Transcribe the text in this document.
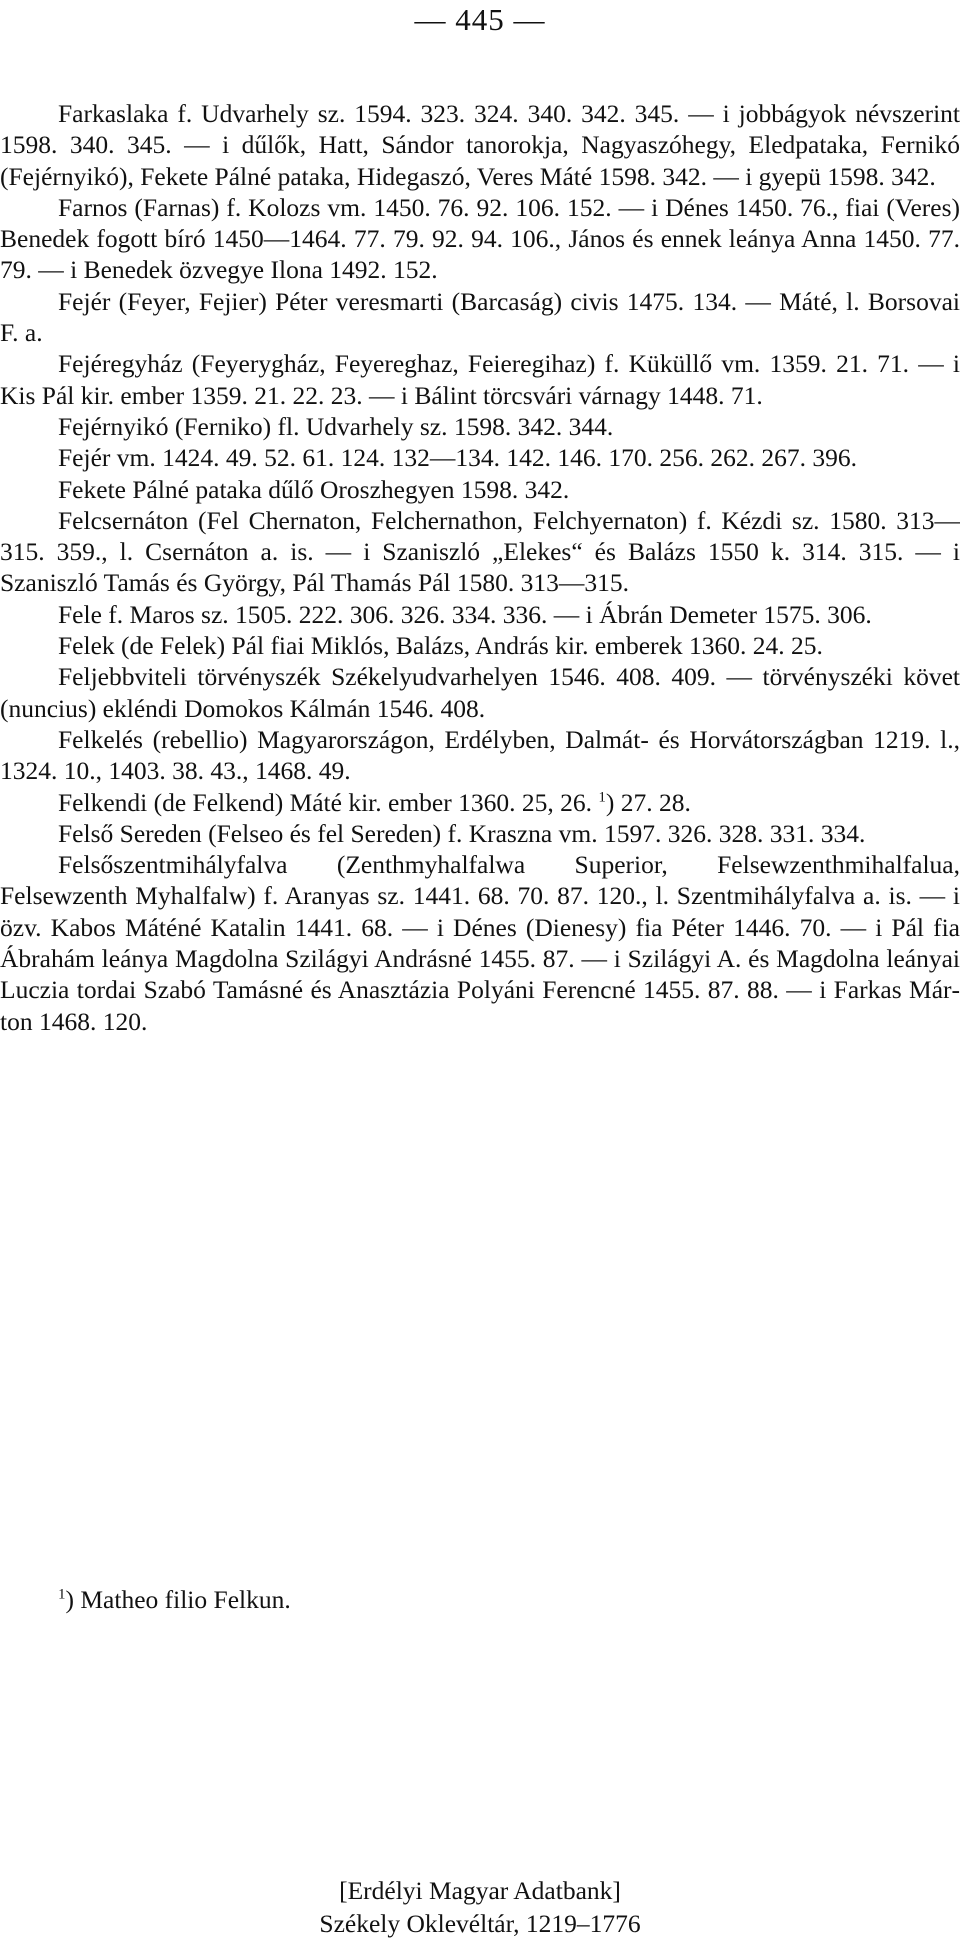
— 445 —

Farkaslaka f. Udvarhely sz. 1594. 323. 324. 340. 342. 345. — i jobbágyok névszerint 1598. 340. 345. — i dűlők, Hatt, Sándor tanorokja, Nagyaszóhegy, Eledpataka, Fernikó (Fejérnyikó), Fekete Pálné pataka, Hidegaszó, Veres Máté 1598. 342. — i gyepü 1598. 342.

Farnos (Farnas) f. Kolozs vm. 1450. 76. 92. 106. 152. — i Dénes 1450. 76., fiai (Veres) Benedek fogott bíró 1450—1464. 77. 79. 92. 94. 106., János és ennek leánya Anna 1450. 77. 79. — i Benedek özvegye Ilona 1492. 152.

Fejér (Feyer, Fejier) Péter veresmarti (Barcaság) civis 1475. 134. — Máté, l. Borsovai F. a.

Fejéregyház (Feyerygház, Feyereghaz, Feieregihaz) f. Küküllő vm. 1359. 21. 71. — i Kis Pál kir. ember 1359. 21. 22. 23. — i Bálint törcsvári várnagy 1448. 71.

Fejérnyikó (Ferniko) fl. Udvarhely sz. 1598. 342. 344.

Fejér vm. 1424. 49. 52. 61. 124. 132—134. 142. 146. 170. 256. 262. 267. 396.

Fekete Pálné pataka dűlő Oroszhegyen 1598. 342.

Felcsernáton (Fel Chernaton, Felchernathon, Felchyernaton) f. Kézdi sz. 1580. 313—315. 359., l. Csernáton a. is. — i Szaniszló „Elekes“ és Balázs 1550 k. 314. 315. — i Szaniszló Tamás és György, Pál Thamás Pál 1580. 313—315.

Fele f. Maros sz. 1505. 222. 306. 326. 334. 336. — i Ábrán Demeter 1575. 306.

Felek (de Felek) Pál fiai Miklós, Balázs, András kir. emberek 1360. 24. 25.

Feljebbviteli törvényszék Székelyudvarhelyen 1546. 408. 409. — törvényszéki követ (nuncius) ekléndi Domokos Kálmán 1546. 408.

Felkelés (rebellio) Magyarországon, Erdélyben, Dalmát- és Horvátországban 1219. l., 1324. 10., 1403. 38. 43., 1468. 49.

Felkendi (de Felkend) Máté kir. ember 1360. 25, 26. $^1$) 27. 28.

Felső Sereden (Felseo és fel Sereden) f. Kraszna vm. 1597. 326. 328. 331. 334.

Felsőszentmihályfalva (Zenthmyhalfalwa Superior, Felsewzenthmihalfalua, Felsewzenth Myhalfalw) f. Aranyas sz. 1441. 68. 70. 87. 120., l. Szentmihályfalva a. is. — i özv. Kabos Máténé Katalin 1441. 68. — i Dénes (Dienesy) fia Péter 1446. 70. — i Pál fia Ábrahám leánya Magdolna Szilágyi Andrásné 1455. 87. — i Szilágyi A. és Magdolna leányai Luczia tordai Szabó Tamásné és Anasztázia Polyáni Ferencné 1455. 87. 88. — i Farkas Márton 1468. 120.

$^1$) Matheo filio Felkun.

[Erdélyi Magyar Adatbank]
Székely Oklevéltár, 1219–1776
